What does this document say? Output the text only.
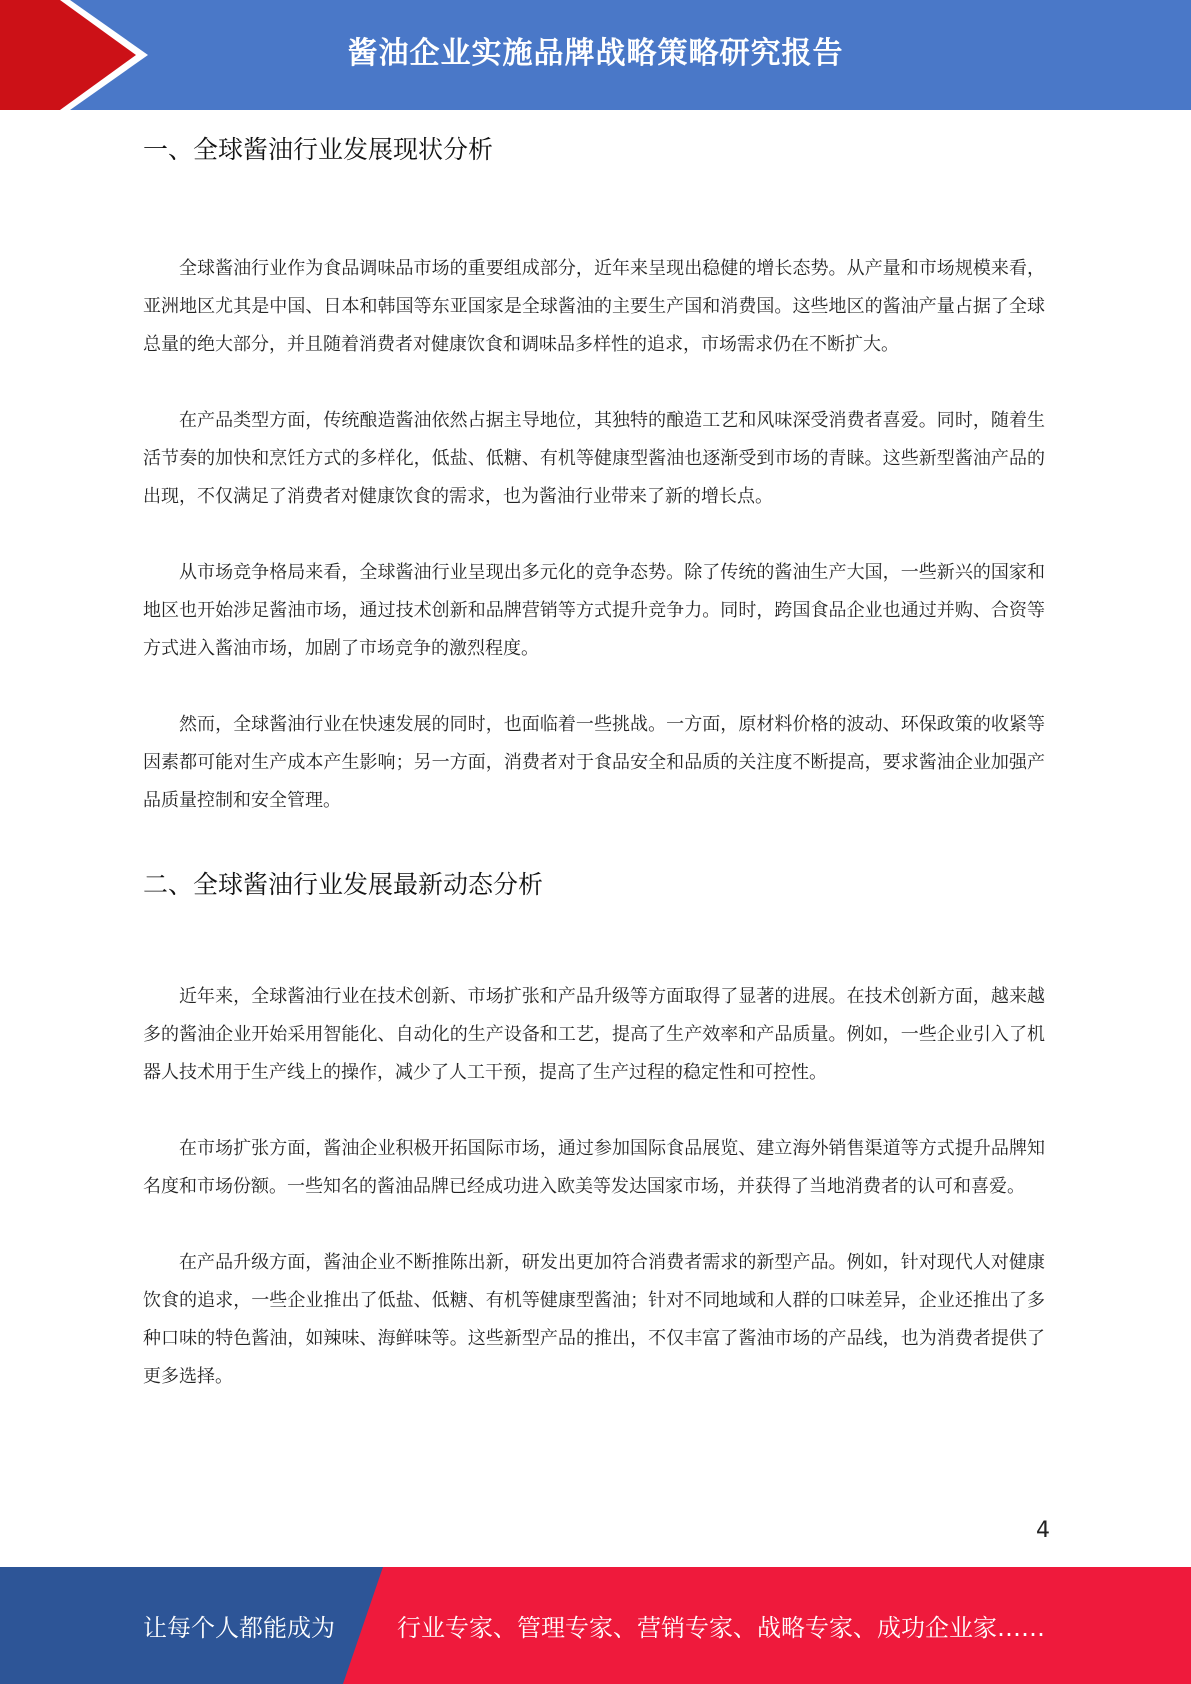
酱油企业实施品牌战略策略研究报告
一、全球酱油行业发展现状分析

全球酱油行业作为食品调味品市场的重要组成部分，近年来呈现出稳健的增长态势。从产量和市场规模来看，亚洲地区尤其是中国、日本和韩国等东亚国家是全球酱油的主要生产国和消费国。这些地区的酱油产量占据了全球总量的绝大部分，并且随着消费者对健康饮食和调味品多样性的追求，市场需求仍在不断扩大。

在产品类型方面，传统酿造酱油依然占据主导地位，其独特的酿造工艺和风味深受消费者喜爱。同时，随着生活节奏的加快和烹饪方式的多样化，低盐、低糖、有机等健康型酱油也逐渐受到市场的青睐。这些新型酱油产品的出现，不仅满足了消费者对健康饮食的需求，也为酱油行业带来了新的增长点。

从市场竞争格局来看，全球酱油行业呈现出多元化的竞争态势。除了传统的酱油生产大国，一些新兴的国家和地区也开始涉足酱油市场，通过技术创新和品牌营销等方式提升竞争力。同时，跨国食品企业也通过并购、合资等方式进入酱油市场，加剧了市场竞争的激烈程度。

然而，全球酱油行业在快速发展的同时，也面临着一些挑战。一方面，原材料价格的波动、环保政策的收紧等因素都可能对生产成本产生影响；另一方面，消费者对于食品安全和品质的关注度不断提高，要求酱油企业加强产品质量控制和安全管理。

二、全球酱油行业发展最新动态分析

近年来，全球酱油行业在技术创新、市场扩张和产品升级等方面取得了显著的进展。在技术创新方面，越来越多的酱油企业开始采用智能化、自动化的生产设备和工艺，提高了生产效率和产品质量。例如，一些企业引入了机器人技术用于生产线上的操作，减少了人工干预，提高了生产过程的稳定性和可控性。

在市场扩张方面，酱油企业积极开拓国际市场，通过参加国际食品展览、建立海外销售渠道等方式提升品牌知名度和市场份额。一些知名的酱油品牌已经成功进入欧美等发达国家市场，并获得了当地消费者的认可和喜爱。

在产品升级方面，酱油企业不断推陈出新，研发出更加符合消费者需求的新型产品。例如，针对现代人对健康饮食的追求，一些企业推出了低盐、低糖、有机等健康型酱油；针对不同地域和人群的口味差异，企业还推出了多种口味的特色酱油，如辣味、海鲜味等。这些新型产品的推出，不仅丰富了酱油市场的产品线，也为消费者提供了更多选择。

4
让每个人都能成为	行业专家、管理专家、营销专家、战略专家、成功企业家……
